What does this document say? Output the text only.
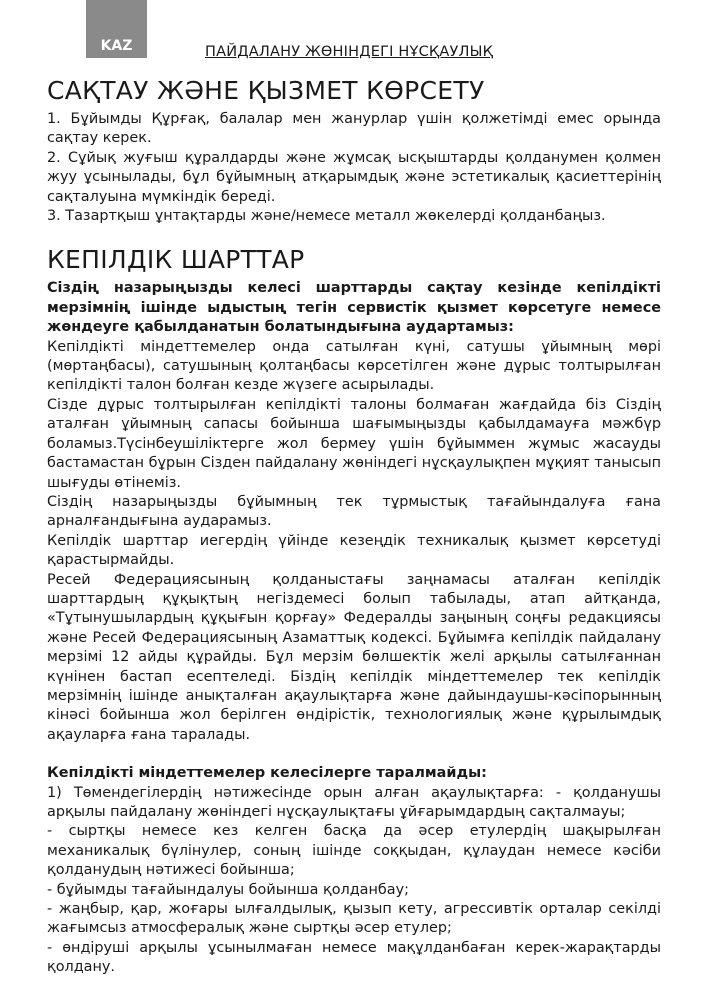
KAZ	ПАЙДАЛАНУ ЖӨНІНДЕГІ НҰСҚАУЛЫҚ
САҚТАУ ЖӘНЕ ҚЫЗМЕТ КӨРСЕТУ

1. Бұйымды Құрғақ, балалар мен жанурлар үшін қолжетімді емес орында сақтау керек.

2. Сұйық жуғыш құралдарды және жұмсақ ысқыштарды қолданумен қолмен жуу ұсынылады, бұл бұйымның атқарымдық және эстетикалық қасиеттерінің сақталуына мүмкіндік береді.

3. Тазартқыш ұнтақтарды және/немесе металл жөкелерді қолданбаңыз.

КЕПІЛДІК ШАРТТАР

Сіздің назарыңызды келесі шарттарды сақтау кезінде кепілдікті мерзімнің ішінде ыдыстың тегін сервистік қызмет көрсетуге немесе жөндеуге қабылданатын болатындығына аудартамыз:

Кепілдікті міндеттемелер онда сатылған күні, сатушы ұйымның мөрі (мөртаңбасы), сатушының қолтаңбасы көрсетілген және дұрыс толтырылған кепілдікті талон болған кезде жүзеге асырылады.

Сізде дұрыс толтырылған кепілдікті талоны болмаған жағдайда біз Сіздің аталған ұйымның сапасы бойынша шағымыңызды қабылдамауға мәжбүр боламыз.Түсінбеушіліктерге жол бермеу үшін бұйыммен жұмыс жасауды бастамастан бұрын Сізден пайдалану жөніндегі нұсқаулықпен мұқият танысып шығуды өтінеміз.

Сіздің назарыңызды бұйымның тек тұрмыстық тағайындалуға ғана арналғандығына аударамыз.

Кепілдік шарттар иегердің үйінде кезеңдік техникалық қызмет көрсетуді қарастырмайды.

Ресей Федерациясының қолданыстағы заңнамасы аталған кепілдік шарттардың құқықтың негіздемесі болып табылады, атап айтқанда, «Тұтынушылардың құқығын қорғау» Федералды заңының соңғы редакциясы және Ресей Федерациясының Азаматтық кодексі. Бұйымға кепілдік пайдалану мерзімі 12 айды құрайды. Бұл мерзім бөлшектік желі арқылы сатылғаннан күнінен бастап есептеледі. Біздің кепілдік міндеттемелер тек кепілдік мерзімнің ішінде анықталған ақаулықтарға және дайындаушы-кәсіпорынның кінәсі бойынша жол берілген өндірістік, технологиялық және құрылымдық ақауларға ғана таралады.

Кепілдікті міндеттемелер келесілерге таралмайды:

1) Төмендегілердің нәтижесінде орын алған ақаулықтарға: - қолданушы арқылы пайдалану жөніндегі нұсқаулықтағы ұйғарымдардың сақталмауы;

- сыртқы немесе кез келген басқа да әсер етулердің шақырылған механикалық бүлінулер, соның ішінде соққыдан, құлаудан немесе кәсіби қолданудың нәтижесі бойынша;

- бұйымды тағайындалуы бойынша қолданбау;

- жаңбыр, қар, жоғары ылғалдылық, қызып кету, агрессивтік орталар секілді жағымсыз атмосфералық және сыртқы әсер етулер;

- өндіруші арқылы ұсынылмаған немесе мақұлданбаған керек-жарақтарды қолдану.
